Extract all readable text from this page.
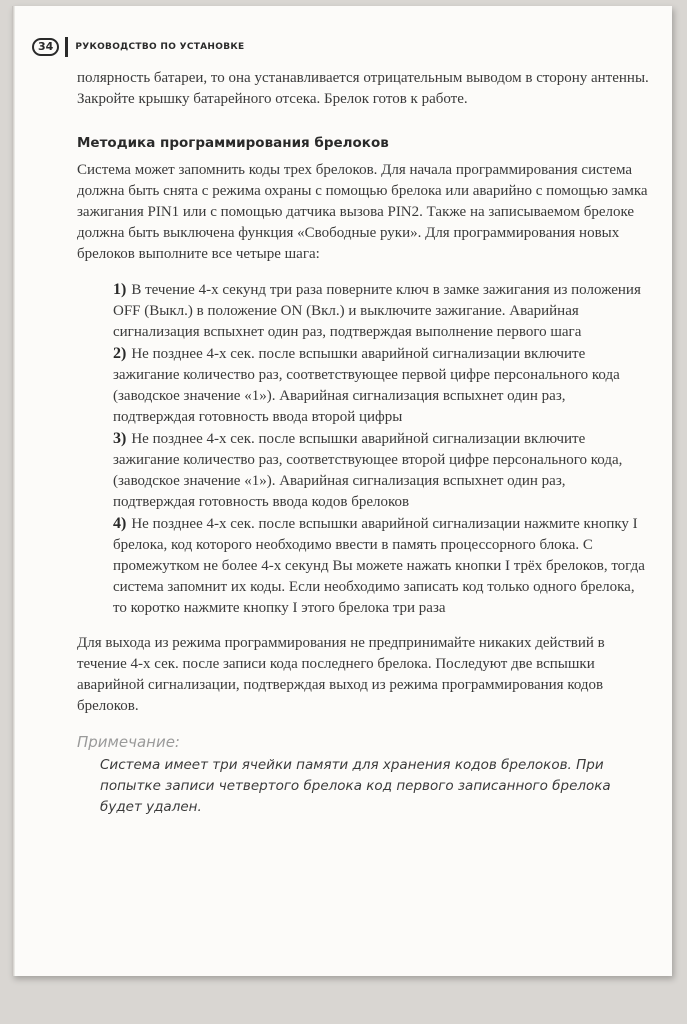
34	РУКОВОДСТВО ПО УСТАНОВКЕ

полярность батареи, то она устанавливается отрицательным выводом в сторону антенны. Закройте крышку батарейного отсека. Брелок готов к работе.

Методика программирования брелоков

Система может запомнить коды трех брелоков. Для начала программирования система должна быть снята с режима охраны с помощью брелока или аварийно с помощью замка зажигания PIN1 или с помощью датчика вызова PIN2. Также на записываемом брелоке должна быть выключена функция «Свободные руки». Для программирования новых брелоков выполните все четыре шага:

1) В течение 4-х секунд три раза поверните ключ в замке зажигания из положения OFF (Выкл.) в положение ON (Вкл.) и выключите зажигание. Аварийная сигнализация вспыхнет один раз, подтверждая выполнение первого шага

2) Не позднее 4-х сек. после вспышки аварийной сигнализации включите зажигание количество раз, соответствующее первой цифре персонального кода (заводское значение «1»). Аварийная сигнализация вспыхнет один раз, подтверждая готовность ввода второй цифры

3) Не позднее 4-х сек. после вспышки аварийной сигнализации включите зажигание количество раз, соответствующее второй цифре персонального кода,(заводское значение «1»). Аварийная сигнализация вспыхнет один раз, подтверждая готовность ввода кодов брелоков

4) Не позднее 4-х сек. после вспышки аварийной сигнализации нажмите кнопку I брелока, код которого необходимо ввести в память процессорного блока. С промежутком не более 4-х секунд Вы можете нажать кнопки I трёх брелоков, тогда система запомнит их коды. Если необходимо записать код только одного брелока, то коротко нажмите кнопку I этого брелока три раза

Для выхода из режима программирования не предпринимайте никаких действий в течение 4-х сек. после записи кода последнего брелока. Последуют две вспышки аварийной сигнализации, подтверждая выход из режима программирования кодов брелоков.

Примечание:

Система имеет три ячейки памяти для хранения кодов брелоков. При попытке записи четвертого брелока код первого записанного брелока будет удален.
